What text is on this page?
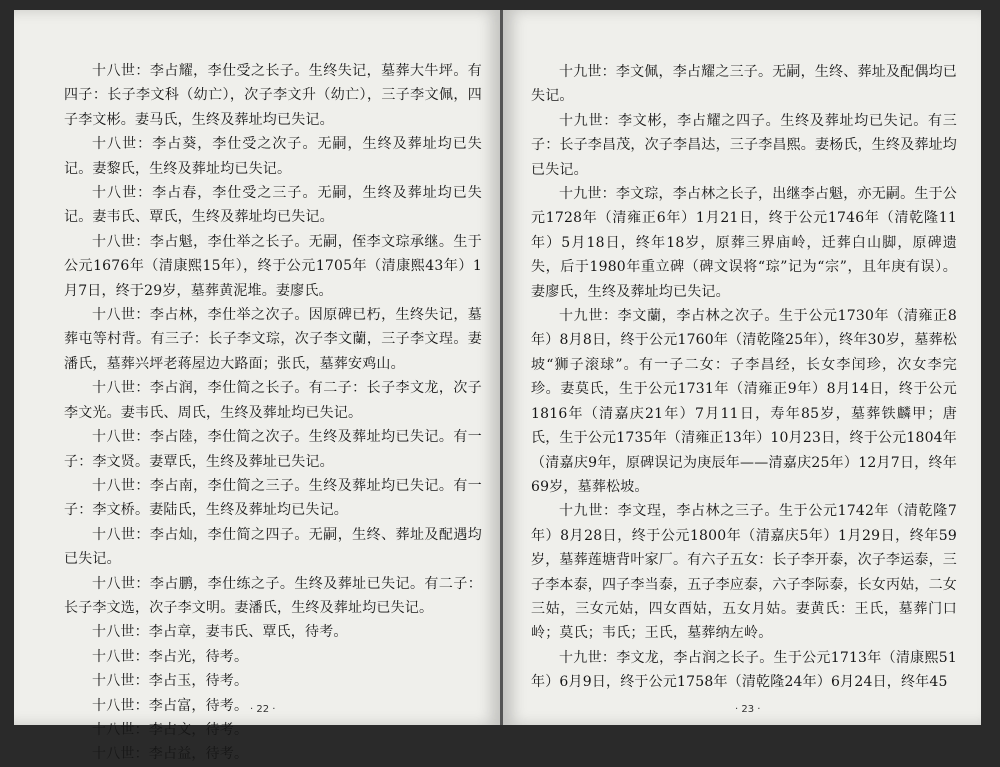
十八世：李占耀，李仕受之长子。生终失记，墓葬大牛坪。有四子：长子李文科（幼亡），次子李文升（幼亡），三子李文佩，四子李文彬。妻马氏，生终及葬址均已失记。

十八世：李占葵，李仕受之次子。无嗣，生终及葬址均已失记。妻黎氏，生终及葬址均已失记。

十八世：李占春，李仕受之三子。无嗣，生终及葬址均已失记。妻韦氏、覃氏，生终及葬址均已失记。

十八世：李占魁，李仕举之长子。无嗣，侄李文琮承继。生于公元1676年（清康熙15年），终于公元1705年（清康熙43年）1月7日，终于29岁，墓葬黄泥堆。妻廖氏。

十八世：李占林，李仕举之次子。因原碑已朽，生终失记，墓葬屯等村背。有三子：长子李文琮，次子李文蘭，三子李文珵。妻潘氏，墓葬兴坪老蒋屋边大路面；张氏，墓葬安鸡山。

十八世：李占润，李仕简之长子。有二子：长子李文龙，次子李文光。妻韦氏、周氏，生终及葬址均已失记。

十八世：李占陸，李仕简之次子。生终及葬址均已失记。有一子：李文贤。妻覃氏，生终及葬址已失记。

十八世：李占南，李仕简之三子。生终及葬址均已失记。有一子：李文桥。妻陆氏，生终及葬址均已失记。

十八世：李占灿，李仕简之四子。无嗣，生终、葬址及配遇均已失记。

十八世：李占鹏，李仕练之子。生终及葬址已失记。有二子：长子李文选，次子李文明。妻潘氏，生终及葬址均已失记。

十八世：李占章，妻韦氏、覃氏，待考。

十八世：李占光，待考。

十八世：李占玉，待考。

十八世：李占富，待考。

十八世：李占文，待考。

十八世：李占益，待考。

· 22 ·

十九世：李文佩，李占耀之三子。无嗣，生终、葬址及配偶均已失记。

十九世：李文彬，李占耀之四子。生终及葬址均已失记。有三子：长子李昌茂，次子李昌达，三子李昌熙。妻杨氏，生终及葬址均已失记。

十九世：李文琮，李占林之长子，出继李占魁，亦无嗣。生于公元1728年（清雍正6年）1月21日，终于公元1746年（清乾隆11年）5月18日，终年18岁，原葬三界庙岭，迁葬白山脚，原碑遗失，后于1980年重立碑（碑文误将“琮”记为“宗”，且年庚有误）。妻廖氏，生终及葬址均已失记。

十九世：李文蘭，李占林之次子。生于公元1730年（清雍正8年）8月8日，终于公元1760年（清乾隆25年），终年30岁，墓葬松坡“狮子滚球”。有一子二女：子李昌经，长女李闰珍，次女李完珍。妻莫氏，生于公元1731年（清雍正9年）8月14日，终于公元1816年（清嘉庆21年）7月11日，寿年85岁，墓葬铁麟甲；唐氏，生于公元1735年（清雍正13年）10月23日，终于公元1804年（清嘉庆9年，原碑误记为庚辰年——清嘉庆25年）12月7日，终年69岁，墓葬松坡。

十九世：李文珵，李占林之三子。生于公元1742年（清乾隆7年）8月28日，终于公元1800年（清嘉庆5年）1月29日，终年59岁，墓葬莲塘背叶家厂。有六子五女：长子李开泰，次子李运泰，三子李本泰，四子李当泰，五子李应泰，六子李际泰，长女丙姑，二女三姑，三女元姑，四女酉姑，五女月姑。妻黄氏：王氏，墓葬门口岭；莫氏；韦氏；王氏，墓葬纳左岭。

十九世：李文龙，李占润之长子。生于公元1713年（清康熙51年）6月9日，终于公元1758年（清乾隆24年）6月24日，终年45

· 23 ·
